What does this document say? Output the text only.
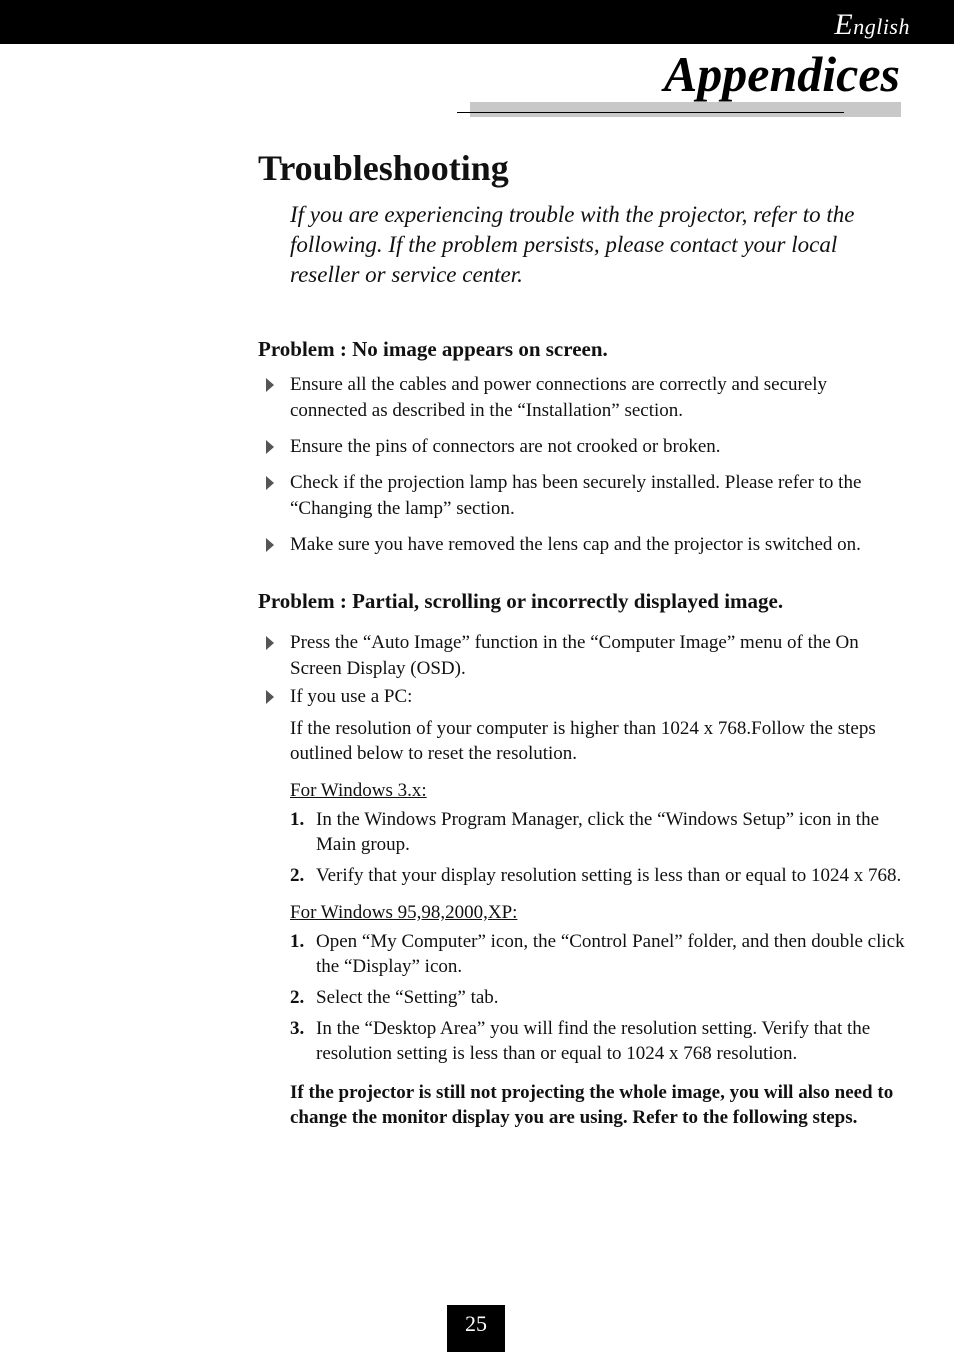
English
Appendices
Troubleshooting

If you are experiencing trouble with the projector, refer to the following. If the problem persists, please contact your local reseller or service center.

Problem : No image appears on screen.
Ensure all the cables and power connections are correctly and securely connected as described in the “Installation” section.
Ensure the pins of connectors are not crooked or broken.
Check if the projection lamp has been securely installed. Please refer to the “Changing the lamp” section.
Make sure you have removed the lens cap and the projector is switched on.
Problem : Partial, scrolling or incorrectly displayed image.
Press the “Auto Image” function in the “Computer Image” menu of the On Screen Display (OSD).
If you use a PC:

If the resolution of your computer is higher than 1024 x 768.Follow the steps outlined below to reset the resolution.

For Windows 3.x:

1. In the Windows Program Manager, click the “Windows Setup” icon in the Main group.
2. Verify that your display resolution setting is less than or equal to 1024 x 768.

For Windows 95,98,2000,XP:

1. Open “My Computer” icon, the “Control Panel” folder, and then double click the “Display” icon.
2. Select the “Setting” tab.
3. In the “Desktop Area” you will find the resolution setting. Verify that the resolution setting is less than or equal to 1024 x 768 resolution.

If the projector is still not projecting the whole image, you will also need to change the monitor display you are using. Refer to the following steps.

25
